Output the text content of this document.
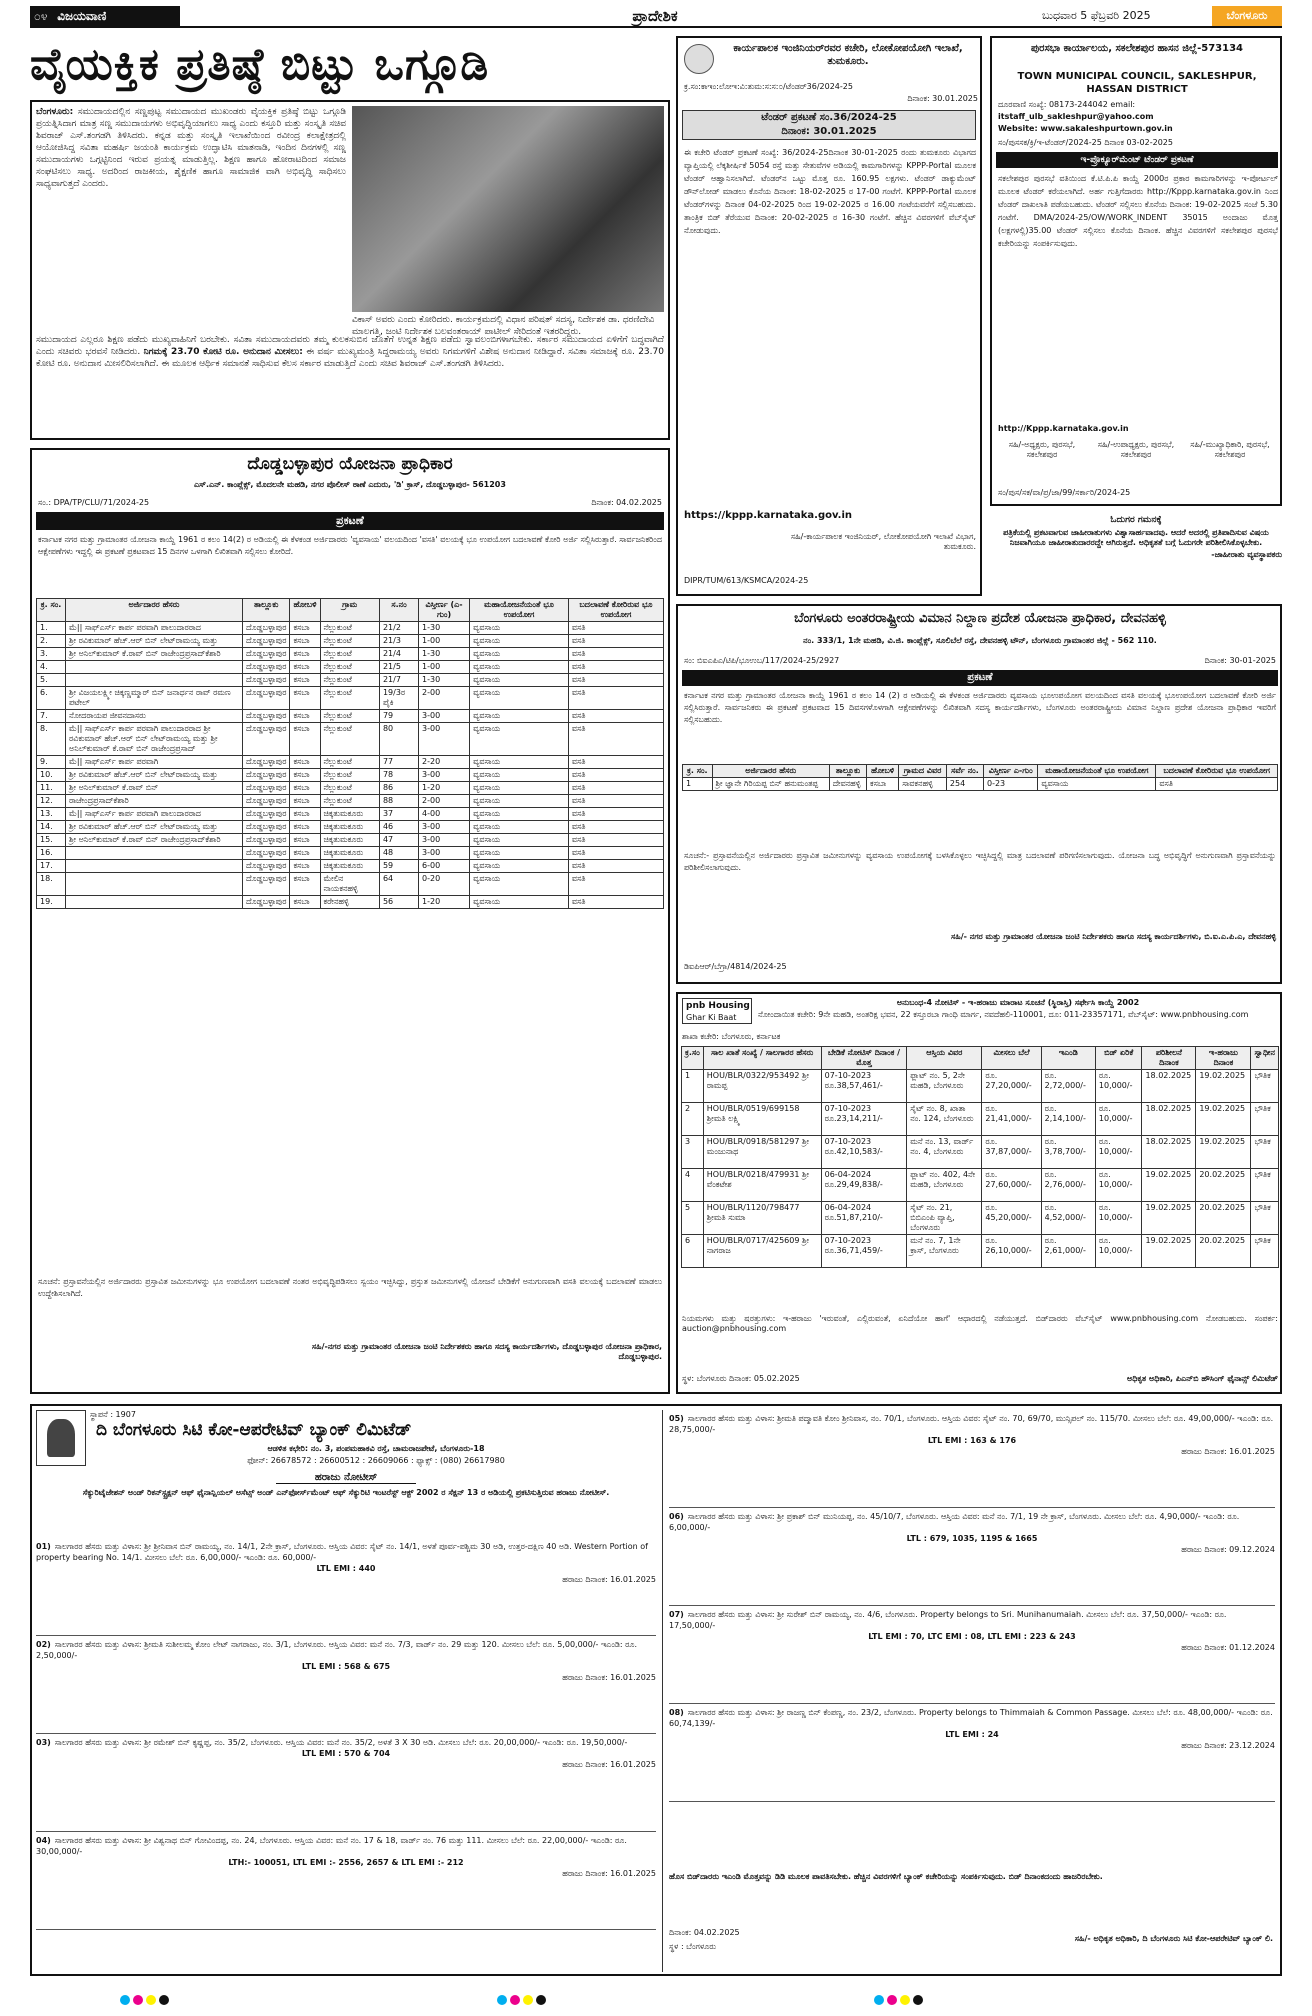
೦೪ ವಿಜಯವಾಣಿ	ಪ್ರಾದೇಶಿಕ	ಬುಧವಾರ 5 ಫೆಬ್ರವರಿ 2025	ಬೆಂಗಳೂರು
ವೈಯಕ್ತಿಕ ಪ್ರತಿಷ್ಠೆ ಬಿಟ್ಟು ಒಗ್ಗೂಡಿ
ಬೆಂಗಳೂರು: ಸಮುದಾಯದಲ್ಲಿನ ಸಣ್ಣಪುಟ್ಟ ಸಮುದಾಯದ ಮುಖಂಡರು ವೈಯಕ್ತಿಕ ಪ್ರತಿಷ್ಠೆ ಬಿಟ್ಟು ಒಗ್ಗೂಡಿ ಪ್ರಯತ್ನಿಸಿದಾಗ ಮಾತ್ರ ಸಣ್ಣ ಸಮುದಾಯಗಳು ಅಭಿವೃದ್ಧಿಯಾಗಲು ಸಾಧ್ಯ ಎಂದು ಕಸ್ತೂರಿ ಮತ್ತು ಸಂಸ್ಕೃತಿ ಸಚಿವ ಶಿವರಾಜ್ ಎಸ್.ತಂಗಡಗಿ ತಿಳಿಸಿದರು. ಕನ್ನಡ ಮತ್ತು ಸಂಸ್ಕೃತಿ ಇಲಾಖೆಯಿಂದ ರವೀಂದ್ರ ಕಲಾಕ್ಷೇತ್ರದಲ್ಲಿ ಆಯೋಜಿಸಿದ್ದ ಸವಿತಾ ಮಹರ್ಷಿ ಜಯಂತಿ ಕಾರ್ಯಕ್ರಮ ಉದ್ಘಾಟಿಸಿ ಮಾತನಾಡಿ, ಇಂದಿನ ದಿನಗಳಲ್ಲಿ ಸಣ್ಣ ಸಮುದಾಯಗಳು ಒಗ್ಗಟ್ಟಿನಿಂದ ಇರುವ ಪ್ರಯತ್ನ ಮಾಡುತ್ತಿಲ್ಲ. ಶಿಕ್ಷಣ ಹಾಗೂ ಹೋರಾಟದಿಂದ ಸಮಾಜ ಸಂಘಟಿಸಲು ಸಾಧ್ಯ. ಅದರಿಂದ ರಾಜಕೀಯ, ಶೈಕ್ಷಣಿಕ ಹಾಗೂ ಸಾಮಾಜಿಕ ವಾಗಿ ಅಭಿವೃದ್ಧಿ ಸಾಧಿಸಲು ಸಾಧ್ಯವಾಗುತ್ತದೆ ಎಂದರು.
ವಿಕಾಸ್ ಅವರು ಎಂದು ಕೋರಿದರು. ಕಾರ್ಯಕ್ರಮದಲ್ಲಿ ವಿಧಾನ ಪರಿಷತ್ ಸದಸ್ಯ, ನಿರ್ದೇಶಕ ಡಾ. ಧರಣಿದೇವಿ ಮಾಲಗತ್ತಿ, ಜಂಟಿ ನಿರ್ದೇಶಕ ಬಲವಂತರಾಯ್ ಪಾಟೀಲ್ ಸೇರಿದಂತೆ ಇತರರಿದ್ದರು.
ಸಮುದಾಯದ ಎಲ್ಲರೂ ಶಿಕ್ಷಣ ಪಡೆದು ಮುಖ್ಯವಾಹಿನಿಗೆ ಬರಬೇಕು. ಸವಿತಾ ಸಮುದಾಯದವರು ತಮ್ಮ ಕುಲಕಸುಬಿನ ಜೊತೆಗೆ ಉನ್ನತ ಶಿಕ್ಷಣ ಪಡೆದು ಸ್ವಾವಲಂಬಿಗಳಾಗಬೇಕು. ಸರ್ಕಾರ ಸಮುದಾಯದ ಏಳಿಗೆಗೆ ಬದ್ಧವಾಗಿದೆ ಎಂದು ಸಚಿವರು ಭರವಸೆ ನೀಡಿದರು. ನಿಗಮಕ್ಕೆ 23.70 ಕೋಟಿ ರೂ. ಅನುದಾನ ಮೀಸಲು: ಈ ವರ್ಷ ಮುಖ್ಯಮಂತ್ರಿ ಸಿದ್ದರಾಮಯ್ಯ ಅವರು ನಿಗಮಗಳಿಗೆ ವಿಶೇಷ ಅನುದಾನ ನೀಡಿದ್ದಾರೆ. ಸವಿತಾ ಸಮಾಜಕ್ಕೆ ರೂ. 23.70 ಕೋಟಿ ರೂ. ಅನುದಾನ ಮೀಸಲಿರಿಸಲಾಗಿದೆ. ಈ ಮೂಲಕ ಆರ್ಥಿಕ ಸಮಾನತೆ ಸಾಧಿಸುವ ಕೆಲಸ ಸರ್ಕಾರ ಮಾಡುತ್ತಿದೆ ಎಂದು ಸಚಿವ ಶಿವರಾಜ್ ಎಸ್.ತಂಗಡಗಿ ತಿಳಿಸಿದರು.
ಕಾರ್ಯಪಾಲಕ ಇಂಜಿನಿಯರ್‌ರವರ ಕಚೇರಿ, ಲೋಕೋಪಯೋಗಿ ಇಲಾಖೆ, ತುಮಕೂರು.
ಕ್ರ.ಸಂ:ಕಾಇಂ:ಲೋಇ:ವಿ:ತುಮ:ಸ:ಸ:೦/ಟೆಂಡರ್36/2024-25
ದಿನಾಂಕ: 30.01.2025
ಟೆಂಡರ್ ಪ್ರಕಟಣೆ ಸಂ.36/2024-25
ದಿನಾಂಕ: 30.01.2025
ಈ ಕಚೇರಿ ಟೆಂಡರ್ ಪ್ರಕಟಣೆ ಸಂಖ್ಯೆ: 36/2024-25ದಿನಾಂಕ 30-01-2025 ರಂದು ತುಮಕೂರು ವಿಭಾಗದ ವ್ಯಾಪ್ತಿಯಲ್ಲಿ ಲೆಕ್ಕಶೀರ್ಷಿಕೆ 5054 ರಸ್ತೆ ಮತ್ತು ಸೇತುವೆಗಳ ಅಡಿಯಲ್ಲಿ ಕಾಮಗಾರಿಗಳನ್ನು KPPP-Portal ಮೂಲಕ ಟೆಂಡರ್ ಆಹ್ವಾನಿಸಲಾಗಿದೆ. ಟೆಂಡರ್‌ನ ಒಟ್ಟು ಮೊತ್ತ ರೂ. 160.95 ಲಕ್ಷಗಳು. ಟೆಂಡರ್ ಡಾಕ್ಯುಮೆಂಟ್ ಡೌನ್‌ಲೋಡ್ ಮಾಡಲು ಕೊನೆಯ ದಿನಾಂಕ: 18-02-2025 ರ 17-00 ಗಂಟೆಗೆ. KPPP-Portal ಮೂಲಕ ಟೆಂಡರ್‌ಗಳನ್ನು ದಿನಾಂಕ 04-02-2025 ರಿಂದ 19-02-2025 ರ 16.00 ಗಂಟೆಯವರೆಗೆ ಸಲ್ಲಿಸಬಹುದು. ತಾಂತ್ರಿಕ ಬಿಡ್ ತೆರೆಯುವ ದಿನಾಂಕ: 20-02-2025 ರ 16-30 ಗಂಟೆಗೆ. ಹೆಚ್ಚಿನ ವಿವರಗಳಿಗೆ ವೆಬ್‌ಸೈಟ್ ನೋಡುವುದು.
https://kppp.karnataka.gov.in
ಸಹಿ/-ಕಾರ್ಯಪಾಲಕ ಇಂಜಿನಿಯರ್, ಲೋಕೋಪಯೋಗಿ ಇಲಾಖೆ ವಿಭಾಗ, ತುಮಕೂರು.
DIPR/TUM/613/KSMCA/2024-25
ಪುರಸಭಾ ಕಾರ್ಯಾಲಯ, ಸಕಲೇಶಪುರ ಹಾಸನ ಜಿಲ್ಲೆ-573134
TOWN MUNICIPAL COUNCIL, SAKLESHPUR, HASSAN DISTRICT
ದೂರವಾಣಿ ಸಂಖ್ಯೆ: 08173-244042 email:
itstaff_ulb_sakleshpur@yahoo.com
Website: www.sakaleshpurtown.gov.in
ಸಂ/ಪುಸಸಕ/ಕ್ರಿ/ಇ-ಟೆಂಡರ್/2024-25 ದಿನಾಂಕ 03-02-2025
ಇ-ಪ್ರೊಕ್ಯೂರ್‌ಮೆಂಟ್ ಟೆಂಡರ್ ಪ್ರಕಟಣೆ
ಸಕಲೇಶಪುರ ಪುರಸಭೆ ವತಿಯಿಂದ ಕೆ.ಟಿ.ಪಿ.ಪಿ ಕಾಯ್ದೆ 2000ರ ಪ್ರಕಾರ ಕಾಮಗಾರಿಗಳನ್ನು ಇ-ಪೋರ್ಟಲ್ ಮೂಲಕ ಟೆಂಡರ್ ಕರೆಯಲಾಗಿದೆ. ಅರ್ಹ ಗುತ್ತಿಗೆದಾರರು http://Kppp.karnataka.gov.in ನಿಂದ ಟೆಂಡರ್ ದಾಖಲಾತಿ ಪಡೆಯಬಹುದು. ಟೆಂಡರ್ ಸಲ್ಲಿಸಲು ಕೊನೆಯ ದಿನಾಂಕ: 19-02-2025 ಸಂಜೆ 5.30 ಗಂಟೆಗೆ. DMA/2024-25/OW/WORK_INDENT 35015 ಅಂದಾಜು ಮೊತ್ತ (ಲಕ್ಷಗಳಲ್ಲಿ)35.00 ಟೆಂಡರ್ ಸಲ್ಲಿಸಲು ಕೊನೆಯ ದಿನಾಂಕ. ಹೆಚ್ಚಿನ ವಿವರಗಳಿಗೆ ಸಕಲೇಶಪುರ ಪುರಸಭೆ ಕಚೇರಿಯನ್ನು ಸಂಪರ್ಕಿಸುವುದು.
http://Kppp.karnataka.gov.in
ಸಹಿ/-ಅಧ್ಯಕ್ಷರು, ಪುರಸಭೆ, ಸಕಲೇಶಪುರ
ಸಹಿ/-ಉಪಾಧ್ಯಕ್ಷರು, ಪುರಸಭೆ, ಸಕಲೇಶಪುರ
ಸಹಿ/-ಮುಖ್ಯಾಧಿಕಾರಿ, ಪುರಸಭೆ, ಸಕಲೇಶಪುರ
ಸಂ/ಪುಸ/ಸಕ/ವಾ/ಪ್ರ/ಜಾ/99/ಸರ್ಕಾರಿ/2024-25
ಓದುಗರ ಗಮನಕ್ಕೆ
ಪತ್ರಿಕೆಯಲ್ಲಿ ಪ್ರಕಟವಾಗುವ ಜಾಹೀರಾತುಗಳು ವಿಶ್ವಾಸಾರ್ಹವಾದವು. ಆದರೆ ಅದರಲ್ಲಿ ಪ್ರತಿಪಾದಿಸುವ ವಿಷಯ ನಿಜವಾಗಿಯೂ ಜಾಹೀರಾತುದಾರರದ್ದೇ ಆಗಿರುತ್ತದೆ. ಅಧಿಕೃತತೆ ಬಗ್ಗೆ ಓದುಗರೇ ಪರಿಶೀಲಿಸಿಕೊಳ್ಳಬೇಕು.
-ಜಾಹೀರಾತು ವ್ಯವಸ್ಥಾಪಕರು
ದೊಡ್ಡಬಳ್ಳಾಪುರ ಯೋಜನಾ ಪ್ರಾಧಿಕಾರ
ಎಸ್.ಎನ್. ಕಾಂಪ್ಲೆಕ್ಸ್, ಮೊದಲನೇ ಮಹಡಿ, ನಗರ ಪೊಲೀಸ್ ಠಾಣೆ ಎದುರು, 'ಡಿ' ಕ್ರಾಸ್, ದೊಡ್ಡಬಳ್ಳಾಪುರ- 561203
ಸಂ.: DPA/TP/CLU/71/2024-25	ದಿನಾಂಕ: 04.02.2025
ಪ್ರಕಟಣೆ
ಕರ್ನಾಟಕ ನಗರ ಮತ್ತು ಗ್ರಾಮಾಂತರ ಯೋಜನಾ ಕಾಯ್ದೆ 1961 ರ ಕಲಂ 14(2) ರ ಅಡಿಯಲ್ಲಿ ಈ ಕೆಳಕಂಡ ಅರ್ಜಿದಾರರು 'ವ್ಯವಸಾಯ' ವಲಯದಿಂದ 'ವಸತಿ' ವಲಯಕ್ಕೆ ಭೂ ಉಪಯೋಗ ಬದಲಾವಣೆ ಕೋರಿ ಅರ್ಜಿ ಸಲ್ಲಿಸಿರುತ್ತಾರೆ. ಸಾರ್ವಜನಿಕರಿಂದ ಆಕ್ಷೇಪಣೆಗಳು ಇದ್ದಲ್ಲಿ ಈ ಪ್ರಕಟಣೆ ಪ್ರಕಟವಾದ 15 ದಿನಗಳ ಒಳಗಾಗಿ ಲಿಖಿತವಾಗಿ ಸಲ್ಲಿಸಲು ಕೋರಿದೆ.
ಕ್ರ. ಸಂ.	ಅರ್ಜಿದಾರರ ಹೆಸರು	ತಾಲ್ಲೂಕು	ಹೋಬಳಿ	ಗ್ರಾಮ	ಸ.ನಂ	ವಿಸ್ತೀರ್ಣ (ಎ-ಗುಂ)	ಮಹಾಯೋಜನೆಯಂತೆ ಭೂ ಉಪಯೋಗ	ಬದಲಾವಣೆ ಕೋರಿರುವ ಭೂ ಉಪಯೋಗ
1.	ಮೆ|| ಸಾಫ್‌ಎರ್ಸ್ ಕಾರ್ಪ ಪರವಾಗಿ ಪಾಲುದಾರರಾದ	ದೊಡ್ಡಬಳ್ಳಾಪುರ	ಕಸಬಾ	ನೆಲ್ಲುಕುಂಟೆ	21/2	1-30	ವ್ಯವಸಾಯ	ವಸತಿ
2.	ಶ್ರೀ ರವಿಕುಮಾರ್ ಹೆಚ್.ಆರ್ ಬಿನ್ ಲೇಟ್‌ರಾಮಯ್ಯ ಮತ್ತು	ದೊಡ್ಡಬಳ್ಳಾಪುರ	ಕಸಬಾ	ನೆಲ್ಲುಕುಂಟೆ	21/3	1-00	ವ್ಯವಸಾಯ	ವಸತಿ
3.	ಶ್ರೀ ಅನಿಲ್‌ಕುಮಾರ್ ಕೆ.ರಾವ್ ಬಿನ್ ರಾಜೇಂದ್ರಪ್ರಸಾದ್‌ಕೆಶಾರಿ	ದೊಡ್ಡಬಳ್ಳಾಪುರ	ಕಸಬಾ	ನೆಲ್ಲುಕುಂಟೆ	21/4	1-30	ವ್ಯವಸಾಯ	ವಸತಿ
4.		ದೊಡ್ಡಬಳ್ಳಾಪುರ	ಕಸಬಾ	ನೆಲ್ಲುಕುಂಟೆ	21/5	1-00	ವ್ಯವಸಾಯ	ವಸತಿ
5.		ದೊಡ್ಡಬಳ್ಳಾಪುರ	ಕಸಬಾ	ನೆಲ್ಲುಕುಂಟೆ	21/7	1-30	ವ್ಯವಸಾಯ	ವಸತಿ
6.	ಶ್ರೀ ವಿಜಯಲಕ್ಷ್ಮೀ ಚಿಕ್ಕಣ್ಣಮ್ಮಾರ್ ಬಿನ್ ಜನಾರ್ಧನ ರಾವ್ ರಮಣ ಪಟೇಲ್	ದೊಡ್ಡಬಳ್ಳಾಪುರ	ಕಸಬಾ	ನೆಲ್ಲುಕುಂಟೆ	19/3ರ ಪೈಕಿ	2-00	ವ್ಯವಸಾಯ	ವಸತಿ
7.	ನೋದರಾಯಪ ಜೀವನದಾಸರು	ದೊಡ್ಡಬಳ್ಳಾಪುರ	ಕಸಬಾ	ನೆಲ್ಲುಕುಂಟೆ	79	3-00	ವ್ಯವಸಾಯ	ವಸತಿ
8.	ಮೆ|| ಸಾಫ್‌ಎರ್ಸ್ ಕಾರ್ಪ ಪರವಾಗಿ ಪಾಲುದಾರರಾದ ಶ್ರೀ ರವಿಕುಮಾರ್ ಹೆಚ್.ಆರ್ ಬಿನ್ ಲೇಟ್‌ರಾಮಯ್ಯ ಮತ್ತು ಶ್ರೀ ಅನಿಲ್‌ಕುಮಾರ್ ಕೆ.ರಾವ್ ಬಿನ್ ರಾಜೇಂದ್ರಪ್ರಸಾದ್	ದೊಡ್ಡಬಳ್ಳಾಪುರ	ಕಸಬಾ	ನೆಲ್ಲುಕುಂಟೆ	80	3-00	ವ್ಯವಸಾಯ	ವಸತಿ
9.	ಮೆ|| ಸಾಫ್‌ಎರ್ಸ್ ಕಾರ್ಪ ಪರವಾಗಿ	ದೊಡ್ಡಬಳ್ಳಾಪುರ	ಕಸಬಾ	ನೆಲ್ಲುಕುಂಟೆ	77	2-20	ವ್ಯವಸಾಯ	ವಸತಿ
10.	ಶ್ರೀ ರವಿಕುಮಾರ್ ಹೆಚ್.ಆರ್ ಬಿನ್ ಲೇಟ್‌ರಾಮಯ್ಯ ಮತ್ತು	ದೊಡ್ಡಬಳ್ಳಾಪುರ	ಕಸಬಾ	ನೆಲ್ಲುಕುಂಟೆ	78	3-00	ವ್ಯವಸಾಯ	ವಸತಿ
11.	ಶ್ರೀ ಅನಿಲ್‌ಕುಮಾರ್ ಕೆ.ರಾವ್ ಬಿನ್	ದೊಡ್ಡಬಳ್ಳಾಪುರ	ಕಸಬಾ	ನೆಲ್ಲುಕುಂಟೆ	86	1-20	ವ್ಯವಸಾಯ	ವಸತಿ
12.	ರಾಜೇಂದ್ರಪ್ರಸಾದ್‌ಕೆಶಾರಿ	ದೊಡ್ಡಬಳ್ಳಾಪುರ	ಕಸಬಾ	ನೆಲ್ಲುಕುಂಟೆ	88	2-00	ವ್ಯವಸಾಯ	ವಸತಿ
13.	ಮೆ|| ಸಾಫ್‌ಎರ್ಸ್ ಕಾರ್ಪ ಪರವಾಗಿ ಪಾಲುದಾರರಾದ	ದೊಡ್ಡಬಳ್ಳಾಪುರ	ಕಸಬಾ	ಚಿಕ್ಕತುಮಕೂರು	37	4-00	ವ್ಯವಸಾಯ	ವಸತಿ
14.	ಶ್ರೀ ರವಿಕುಮಾರ್ ಹೆಚ್.ಆರ್ ಬಿನ್ ಲೇಟ್‌ರಾಮಯ್ಯ ಮತ್ತು	ದೊಡ್ಡಬಳ್ಳಾಪುರ	ಕಸಬಾ	ಚಿಕ್ಕತುಮಕೂರು	46	3-00	ವ್ಯವಸಾಯ	ವಸತಿ
15.	ಶ್ರೀ ಅನಿಲ್‌ಕುಮಾರ್ ಕೆ.ರಾವ್ ಬಿನ್ ರಾಜೇಂದ್ರಪ್ರಸಾದ್‌ಕೆಶಾರಿ	ದೊಡ್ಡಬಳ್ಳಾಪುರ	ಕಸಬಾ	ಚಿಕ್ಕತುಮಕೂರು	47	3-00	ವ್ಯವಸಾಯ	ವಸತಿ
16.		ದೊಡ್ಡಬಳ್ಳಾಪುರ	ಕಸಬಾ	ಚಿಕ್ಕತುಮಕೂರು	48	3-00	ವ್ಯವಸಾಯ	ವಸತಿ
17.		ದೊಡ್ಡಬಳ್ಳಾಪುರ	ಕಸಬಾ	ಚಿಕ್ಕತುಮಕೂರು	59	6-00	ವ್ಯವಸಾಯ	ವಸತಿ
18.		ದೊಡ್ಡಬಳ್ಳಾಪುರ	ಕಸಬಾ	ಮೇಲಿನ ನಾಯಕನಹಳ್ಳಿ	64	0-20	ವ್ಯವಸಾಯ	ವಸತಿ
19.		ದೊಡ್ಡಬಳ್ಳಾಪುರ	ಕಸಬಾ	ಕರೇನಹಳ್ಳಿ	56	1-20	ವ್ಯವಸಾಯ	ವಸತಿ
ಸೂಚನೆ: ಪ್ರಸ್ತಾವನೆಯಲ್ಲಿನ ಅರ್ಜಿದಾರರು ಪ್ರಸ್ತಾವಿತ ಜಮೀನುಗಳನ್ನು ಭೂ ಉಪಯೋಗ ಬದಲಾವಣೆ ನಂತರ ಅಭಿವೃದ್ಧಿಪಡಿಸಲು ಸ್ವಯಂ ಇಚ್ಛಿಸಿದ್ದು, ಪ್ರಸ್ತುತ ಜಮೀನುಗಳಲ್ಲಿ ಯೋಜನೆ ಬೇಡಿಕೆಗೆ ಅನುಗುಣವಾಗಿ ವಸತಿ ವಲಯಕ್ಕೆ ಬದಲಾವಣೆ ಮಾಡಲು ಉದ್ದೇಶಿಸಲಾಗಿದೆ.
ಸಹಿ/-ನಗರ ಮತ್ತು ಗ್ರಾಮಾಂತರ ಯೋಜನಾ ಜಂಟಿ ನಿರ್ದೇಶಕರು ಹಾಗೂ ಸದಸ್ಯ ಕಾರ್ಯದರ್ಶಿಗಳು, ದೊಡ್ಡಬಳ್ಳಾಪುರ ಯೋಜನಾ ಪ್ರಾಧಿಕಾರ, ದೊಡ್ಡಬಳ್ಳಾಪುರ.
ಬೆಂಗಳೂರು ಅಂತರರಾಷ್ಟ್ರೀಯ ವಿಮಾನ ನಿಲ್ದಾಣ ಪ್ರದೇಶ ಯೋಜನಾ ಪ್ರಾಧಿಕಾರ, ದೇವನಹಳ್ಳಿ
ನಂ. 333/1, 1ನೇ ಮಹಡಿ, ವಿ.ಜಿ. ಕಾಂಪ್ಲೆಕ್ಸ್, ಸೂಲಿಬೆಲೆ ರಸ್ತೆ, ದೇವನಹಳ್ಳಿ ಟೌನ್, ಬೆಂಗಳೂರು ಗ್ರಾಮಾಂತರ ಜಿಲ್ಲೆ - 562 110.
ಸಂ: ಬಿಐಎಪಿಎ/ಟಿಪಿ/ಭೂಉಬ/117/2024-25/2927	ದಿನಾಂಕ: 30-01-2025
ಪ್ರಕಟಣೆ
ಕರ್ನಾಟಕ ನಗರ ಮತ್ತು ಗ್ರಾಮಾಂತರ ಯೋಜನಾ ಕಾಯ್ದೆ 1961 ರ ಕಲಂ 14 (2) ರ ಅಡಿಯಲ್ಲಿ ಈ ಕೆಳಕಂಡ ಅರ್ಜಿದಾರರು ವ್ಯವಸಾಯ ಭೂಉಪಯೋಗ ವಲಯದಿಂದ ವಸತಿ ವಲಯಕ್ಕೆ ಭೂಉಪಯೋಗ ಬದಲಾವಣೆ ಕೋರಿ ಅರ್ಜಿ ಸಲ್ಲಿಸಿರುತ್ತಾರೆ. ಸಾರ್ವಜನಿಕರು ಈ ಪ್ರಕಟಣೆ ಪ್ರಕಟವಾದ 15 ದಿವಸಗಳೊಳಗಾಗಿ ಆಕ್ಷೇಪಣೆಗಳನ್ನು ಲಿಖಿತವಾಗಿ ಸದಸ್ಯ ಕಾರ್ಯದರ್ಶಿಗಳು, ಬೆಂಗಳೂರು ಅಂತರರಾಷ್ಟ್ರೀಯ ವಿಮಾನ ನಿಲ್ದಾಣ ಪ್ರದೇಶ ಯೋಜನಾ ಪ್ರಾಧಿಕಾರ ಇವರಿಗೆ ಸಲ್ಲಿಸಬಹುದು.
ಕ್ರ. ಸಂ.	ಅರ್ಜಿದಾರರ ಹೆಸರು	ತಾಲ್ಲೂಕು	ಹೋಬಳಿ	ಗ್ರಾಮದ ವಿವರ	ಸರ್ವೆ ನಂ.	ವಿಸ್ತೀರ್ಣ ಎ-ಗುಂ	ಮಹಾಯೋಜನೆಯಂತೆ ಭೂ ಉಪಯೋಗ	ಬದಲಾವಣೆ ಕೋರಿರುವ ಭೂ ಉಪಯೋಗ
1	ಶ್ರೀ ಜ್ಞಾನೇ ಗಿರಿಯಪ್ಪ ಬಿನ್ ಹನುಮಂತಪ್ಪ	ದೇವನಹಳ್ಳಿ	ಕಸಬಾ	ಸಾವಕನಹಳ್ಳಿ	254	0-23	ವ್ಯವಸಾಯ	ವಸತಿ
ಸೂಚನೆ:- ಪ್ರಸ್ತಾವನೆಯಲ್ಲಿನ ಅರ್ಜಿದಾರರು ಪ್ರಸ್ತಾವಿತ ಜಮೀನುಗಳನ್ನು ವ್ಯವಸಾಯ ಉಪಯೋಗಕ್ಕೆ ಬಳಸಿಕೊಳ್ಳಲು ಇಚ್ಛಿಸಿದ್ದಲ್ಲಿ ಮಾತ್ರ ಬದಲಾವಣೆ ಪರಿಗಣಿಸಲಾಗುವುದು. ಯೋಜನಾ ಬದ್ಧ ಅಭಿವೃದ್ಧಿಗೆ ಅನುಗುಣವಾಗಿ ಪ್ರಸ್ತಾವನೆಯನ್ನು ಪರಿಶೀಲಿಸಲಾಗುವುದು.
ಸಹಿ/- ನಗರ ಮತ್ತು ಗ್ರಾಮಾಂತರ ಯೋಜನಾ ಜಂಟಿ ನಿರ್ದೇಶಕರು ಹಾಗೂ ಸದಸ್ಯ ಕಾರ್ಯದರ್ಶಿಗಳು, ಬಿ.ಐ.ಎ.ಪಿ.ಎ, ದೇವನಹಳ್ಳಿ
ಡಿಐಪಿಆರ್/ಬೆಗ್ರಾ/4814/2024-25
pnb Housing
Ghar Ki Baat
ಅನುಬಂಧ-4 ನೋಟಿಸ್ - ಇ-ಹರಾಜು ಮಾರಾಟ ಸೂಚನೆ (ಸ್ಥಿರಾಸ್ತಿ) ಸರ್ಫೇಸಿ ಕಾಯ್ದೆ 2002
ನೋಂದಾಯಿತ ಕಚೇರಿ: 9ನೇ ಮಹಡಿ, ಅಂತರಿಕ್ಷ ಭವನ, 22 ಕಸ್ತೂರಬಾ ಗಾಂಧಿ ಮಾರ್ಗ, ನವದೆಹಲಿ-110001, ದೂ: 011-23357171, ವೆಬ್‌ಸೈಟ್: www.pnbhousing.com
ಶಾಖಾ ಕಚೇರಿ: ಬೆಂಗಳೂರು, ಕರ್ನಾಟಕ
ಕ್ರ.ಸಂ	ಸಾಲ ಖಾತೆ ಸಂಖ್ಯೆ / ಸಾಲಗಾರರ ಹೆಸರು	ಬೇಡಿಕೆ ನೋಟಿಸ್ ದಿನಾಂಕ / ಮೊತ್ತ	ಆಸ್ತಿಯ ವಿವರ	ಮೀಸಲು ಬೆಲೆ	ಇಎಂಡಿ	ಬಿಡ್ ಏರಿಕೆ	ಪರಿಶೀಲನೆ ದಿನಾಂಕ	ಇ-ಹರಾಜು ದಿನಾಂಕ	ಸ್ವಾಧೀನ
1	HOU/BLR/0322/953492 ಶ್ರೀ ರಾಮಪ್ಪ	07-10-2023 ರೂ.38,57,461/-	ಫ್ಲಾಟ್ ನಂ. 5, 2ನೇ ಮಹಡಿ, ಬೆಂಗಳೂರು	ರೂ. 27,20,000/-	ರೂ. 2,72,000/-	ರೂ. 10,000/-	18.02.2025	19.02.2025	ಭೌತಿಕ
2	HOU/BLR/0519/699158 ಶ್ರೀಮತಿ ಲಕ್ಷ್ಮಿ	07-10-2023 ರೂ.23,14,211/-	ಸೈಟ್ ನಂ. 8, ಖಾತಾ ನಂ. 124, ಬೆಂಗಳೂರು	ರೂ. 21,41,000/-	ರೂ. 2,14,100/-	ರೂ. 10,000/-	18.02.2025	19.02.2025	ಭೌತಿಕ
3	HOU/BLR/0918/581297 ಶ್ರೀ ಮಂಜುನಾಥ	07-10-2023 ರೂ.42,10,583/-	ಮನೆ ನಂ. 13, ವಾರ್ಡ್ ನಂ. 4, ಬೆಂಗಳೂರು	ರೂ. 37,87,000/-	ರೂ. 3,78,700/-	ರೂ. 10,000/-	18.02.2025	19.02.2025	ಭೌತಿಕ
4	HOU/BLR/0218/479931 ಶ್ರೀ ವೆಂಕಟೇಶ	06-04-2024 ರೂ.29,49,838/-	ಫ್ಲಾಟ್ ನಂ. 402, 4ನೇ ಮಹಡಿ, ಬೆಂಗಳೂರು	ರೂ. 27,60,000/-	ರೂ. 2,76,000/-	ರೂ. 10,000/-	19.02.2025	20.02.2025	ಭೌತಿಕ
5	HOU/BLR/1120/798477 ಶ್ರೀಮತಿ ಸುಮಾ	06-04-2024 ರೂ.51,87,210/-	ಸೈಟ್ ನಂ. 21, ಬಿಬಿಎಂಪಿ ವ್ಯಾಪ್ತಿ, ಬೆಂಗಳೂರು	ರೂ. 45,20,000/-	ರೂ. 4,52,000/-	ರೂ. 10,000/-	19.02.2025	20.02.2025	ಭೌತಿಕ
6	HOU/BLR/0717/425609 ಶ್ರೀ ನಾಗರಾಜ	07-10-2023 ರೂ.36,71,459/-	ಮನೆ ನಂ. 7, 1ನೇ ಕ್ರಾಸ್, ಬೆಂಗಳೂರು	ರೂ. 26,10,000/-	ರೂ. 2,61,000/-	ರೂ. 10,000/-	19.02.2025	20.02.2025	ಭೌತಿಕ
ನಿಯಮಗಳು ಮತ್ತು ಷರತ್ತುಗಳು: ಇ-ಹರಾಜು 'ಇರುವಂತೆ, ಎಲ್ಲಿರುವಂತೆ, ಏನಿದೆಯೋ ಹಾಗೆ' ಆಧಾರದಲ್ಲಿ ನಡೆಯುತ್ತದೆ. ಬಿಡ್‌ದಾರರು ವೆಬ್‌ಸೈಟ್ www.pnbhousing.com ನೋಡಬಹುದು. ಸಂಪರ್ಕ: auction@pnbhousing.com
ಸ್ಥಳ: ಬೆಂಗಳೂರು ದಿನಾಂಕ: 05.02.2025	ಅಧಿಕೃತ ಅಧಿಕಾರಿ, ಪಿಎನ್‌ಬಿ ಹೌಸಿಂಗ್ ಫೈನಾನ್ಸ್ ಲಿಮಿಟೆಡ್
ಸ್ಥಾಪನೆ : 1907
ದಿ ಬೆಂಗಳೂರು ಸಿಟಿ ಕೋ-ಆಪರೇಟಿವ್ ಬ್ಯಾಂಕ್ ಲಿಮಿಟೆಡ್
ಆಡಳಿತ ಕಛೇರಿ: ನಂ. 3, ಪಂಪಮಹಾಕವಿ ರಸ್ತೆ, ಚಾಮರಾಜಪೇಟೆ, ಬೆಂಗಳೂರು-18
ಫೋನ್: 26678572 : 26600512 : 26609066 : ಫ್ಯಾಕ್ಸ್ : (080) 26617980
ಹರಾಜು ನೋಟೀಸ್
ಸೆಕ್ಯುರಿಟೈಜೇಶನ್ ಅಂಡ್ ರಿಕನ್‌ಸ್ಟ್ರಕ್ಷನ್ ಆಫ್ ಫೈನಾನ್ಷಿಯಲ್ ಅಸೆಟ್ಸ್ ಅಂಡ್ ಎನ್‌ಫೋರ್ಸ್‌ಮೆಂಟ್ ಆಫ್ ಸೆಕ್ಯುರಿಟಿ ಇಂಟರೆಸ್ಟ್ ಆಕ್ಟ್ 2002 ರ ಸೆಕ್ಷನ್ 13 ರ ಅಡಿಯಲ್ಲಿ ಪ್ರಕಟಿಸುತ್ತಿರುವ ಹರಾಜು ನೋಟೀಸ್.
01) ಸಾಲಗಾರರ ಹೆಸರು ಮತ್ತು ವಿಳಾಸ: ಶ್ರೀ ಶ್ರೀನಿವಾಸ ಬಿನ್ ರಾಮಯ್ಯ, ನಂ. 14/1, 2ನೇ ಕ್ರಾಸ್, ಬೆಂಗಳೂರು. ಆಸ್ತಿಯ ವಿವರ: ಸೈಟ್ ನಂ. 14/1, ಅಳತೆ ಪೂರ್ವ-ಪಶ್ಚಿಮ 30 ಅಡಿ, ಉತ್ತರ-ದಕ್ಷಿಣ 40 ಅಡಿ. Western Portion of property bearing No. 14/1. ಮೀಸಲು ಬೆಲೆ: ರೂ. 6,00,000/- ಇಎಂಡಿ: ರೂ. 60,000/-
LTL EMI : 440
ಹರಾಜು ದಿನಾಂಕ: 16.01.2025
02) ಸಾಲಗಾರರ ಹೆಸರು ಮತ್ತು ವಿಳಾಸ: ಶ್ರೀಮತಿ ಸುಶೀಲಮ್ಮ ಕೋಂ ಲೇಟ್ ನಾಗರಾಜು, ನಂ. 3/1, ಬೆಂಗಳೂರು. ಆಸ್ತಿಯ ವಿವರ: ಮನೆ ನಂ. 7/3, ವಾರ್ಡ್ ನಂ. 29 ಮತ್ತು 120. ಮೀಸಲು ಬೆಲೆ: ರೂ. 5,00,000/- ಇಎಂಡಿ: ರೂ. 2,50,000/-
LTL EMI : 568 & 675
ಹರಾಜು ದಿನಾಂಕ: 16.01.2025
03) ಸಾಲಗಾರರ ಹೆಸರು ಮತ್ತು ವಿಳಾಸ: ಶ್ರೀ ರಮೇಶ್ ಬಿನ್ ಕೃಷ್ಣಪ್ಪ, ನಂ. 35/2, ಬೆಂಗಳೂರು. ಆಸ್ತಿಯ ವಿವರ: ಮನೆ ನಂ. 35/2, ಅಳತೆ 3 X 30 ಅಡಿ. ಮೀಸಲು ಬೆಲೆ: ರೂ. 20,00,000/- ಇಎಂಡಿ: ರೂ. 19,50,000/-
LTL EMI : 570 & 704
ಹರಾಜು ದಿನಾಂಕ: 16.01.2025
04) ಸಾಲಗಾರರ ಹೆಸರು ಮತ್ತು ವಿಳಾಸ: ಶ್ರೀ ವಿಶ್ವನಾಥ ಬಿನ್ ಗೋವಿಂದಪ್ಪ, ನಂ. 24, ಬೆಂಗಳೂರು. ಆಸ್ತಿಯ ವಿವರ: ಮನೆ ನಂ. 17 & 18, ವಾರ್ಡ್ ನಂ. 76 ಮತ್ತು 111. ಮೀಸಲು ಬೆಲೆ: ರೂ. 22,00,000/- ಇಎಂಡಿ: ರೂ. 30,00,000/-
LTH:- 100051, LTL EMI :- 2556, 2657 & LTL EMI :- 212
ಹರಾಜು ದಿನಾಂಕ: 16.01.2025
05) ಸಾಲಗಾರರ ಹೆಸರು ಮತ್ತು ವಿಳಾಸ: ಶ್ರೀಮತಿ ಪದ್ಮಾವತಿ ಕೋಂ ಶ್ರೀನಿವಾಸ, ನಂ. 70/1, ಬೆಂಗಳೂರು. ಆಸ್ತಿಯ ವಿವರ: ಸೈಟ್ ನಂ. 70, 69/70, ಮುನ್ಸಿಪಲ್ ನಂ. 115/70. ಮೀಸಲು ಬೆಲೆ: ರೂ. 49,00,000/- ಇಎಂಡಿ: ರೂ. 28,75,000/-
LTL EMI : 163 & 176
ಹರಾಜು ದಿನಾಂಕ: 16.01.2025
06) ಸಾಲಗಾರರ ಹೆಸರು ಮತ್ತು ವಿಳಾಸ: ಶ್ರೀ ಪ್ರಕಾಶ್ ಬಿನ್ ಮುನಿಯಪ್ಪ, ನಂ. 45/10/7, ಬೆಂಗಳೂರು. ಆಸ್ತಿಯ ವಿವರ: ಮನೆ ನಂ. 7/1, 19 ನೇ ಕ್ರಾಸ್, ಬೆಂಗಳೂರು. ಮೀಸಲು ಬೆಲೆ: ರೂ. 4,90,000/- ಇಎಂಡಿ: ರೂ. 6,00,000/-
LTL : 679, 1035, 1195 & 1665
ಹರಾಜು ದಿನಾಂಕ: 09.12.2024
07) ಸಾಲಗಾರರ ಹೆಸರು ಮತ್ತು ವಿಳಾಸ: ಶ್ರೀ ಸುರೇಶ್ ಬಿನ್ ರಾಮಯ್ಯ, ನಂ. 4/6, ಬೆಂಗಳೂರು. Property belongs to Sri. Munihanumaiah. ಮೀಸಲು ಬೆಲೆ: ರೂ. 37,50,000/- ಇಎಂಡಿ: ರೂ. 17,50,000/-
LTL EMI : 70, LTC EMI : 08, LTL EMI : 223 & 243
ಹರಾಜು ದಿನಾಂಕ: 01.12.2024
08) ಸಾಲಗಾರರ ಹೆಸರು ಮತ್ತು ವಿಳಾಸ: ಶ್ರೀ ರಾಜಣ್ಣ ಬಿನ್ ಕೆಂಪಣ್ಣ, ನಂ. 23/2, ಬೆಂಗಳೂರು. Property belongs to Thimmaiah & Common Passage. ಮೀಸಲು ಬೆಲೆ: ರೂ. 48,00,000/- ಇಎಂಡಿ: ರೂ. 60,74,139/-
LTL EMI : 24
ಹರಾಜು ದಿನಾಂಕ: 23.12.2024
ಹೊಸ ಬಿಡ್‌ದಾರರು ಇಎಂಡಿ ಮೊತ್ತವನ್ನು ಡಿಡಿ ಮೂಲಕ ಪಾವತಿಸಬೇಕು. ಹೆಚ್ಚಿನ ವಿವರಗಳಿಗೆ ಬ್ಯಾಂಕ್ ಕಚೇರಿಯನ್ನು ಸಂಪರ್ಕಿಸುವುದು. ಬಿಡ್ ದಿನಾಂಕದಂದು ಹಾಜರಿರಬೇಕು.
ದಿನಾಂಕ: 04.02.2025
ಸ್ಥಳ : ಬೆಂಗಳೂರು
ಸಹಿ/- ಅಧಿಕೃತ ಅಧಿಕಾರಿ, ದಿ ಬೆಂಗಳೂರು ಸಿಟಿ ಕೋ-ಆಪರೇಟಿವ್ ಬ್ಯಾಂಕ್ ಲಿ.
